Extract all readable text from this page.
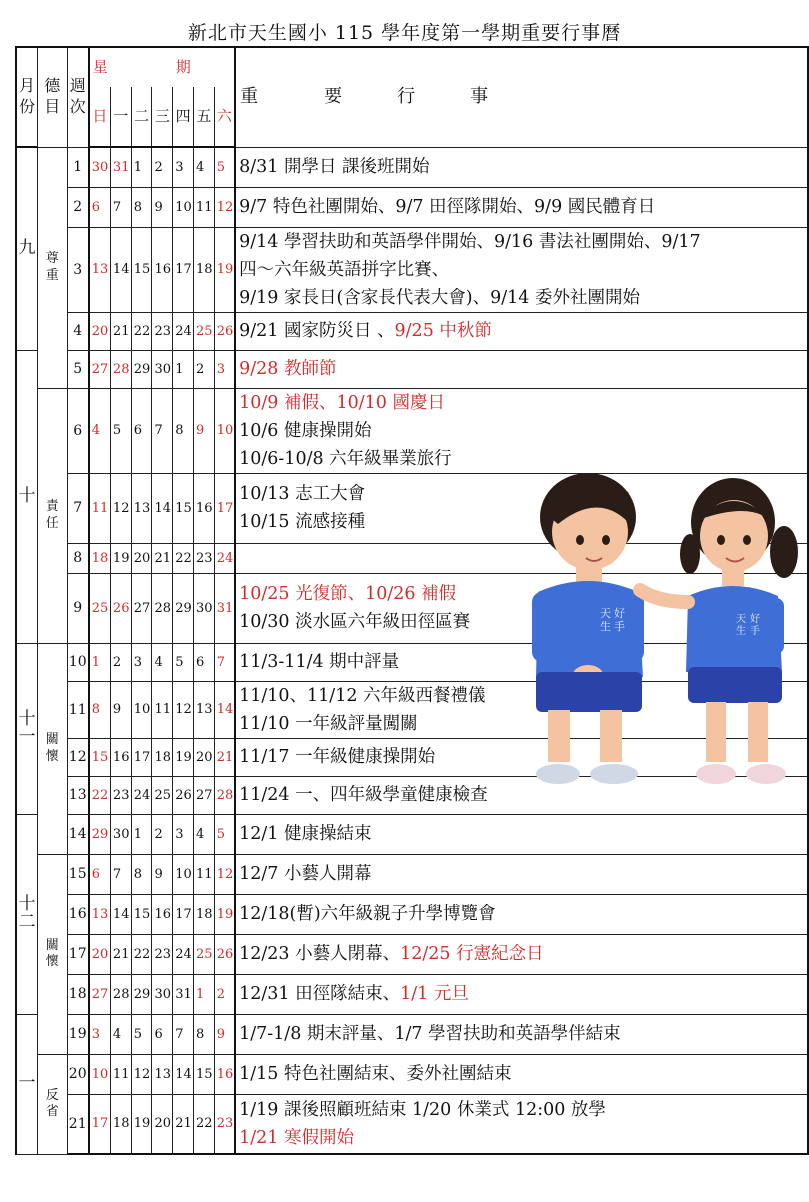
新北市天生國小 115 學年度第一學期重要行事曆
月
份	德
目	週
次	星 期							重 要 行 事
			日	一	二	三	四	五	六	

九	尊
重	1	30	31	1	2	3	4	5	8/31 開學日 課後班開始

		2	6	7	8	9	10	11	12	9/7 特色社團開始、9/7 田徑隊開始、9/9 國民體育日

		3	13	14	15	16	17	18	19	9/14 學習扶助和英語學伴開始、9/16 書法社團開始、9/17
四～六年級英語拼字比賽、
9/19 家長日(含家長代表大會)、9/14 委外社團開始

		4	20	21	22	23	24	25	26	9/21 國家防災日 、9/25 中秋節

十		5	27	28	29	30	1	2	3	9/28 教師節

	責
任	6	4	5	6	7	8	9	10	10/9 補假、10/10 國慶日
10/6 健康操開始
10/6-10/8 六年級畢業旅行

		7	11	12	13	14	15	16	17	10/13 志工大會
10/15 流感接種

		8	18	19	20	21	22	23	24	
		9	25	26	27	28	29	30	31	10/25 光復節、10/26 補假
10/30 淡水區六年級田徑區賽

十
一	關
懷	10	1	2	3	4	5	6	7	11/3-11/4 期中評量

		11	8	9	10	11	12	13	14	11/10、11/12 六年級西餐禮儀
11/10 一年級評量闖關

		12	15	16	17	18	19	20	21	11/17 一年級健康操開始

		13	22	23	24	25	26	27	28	11/24 一、四年級學童健康檢查

十
二		14	29	30	1	2	3	4	5	12/1 健康操結束

	關
懷	15	6	7	8	9	10	11	12	12/7 小藝人開幕

		16	13	14	15	16	17	18	19	12/18(暫)六年級親子升學博覽會

		17	20	21	22	23	24	25	26	12/23 小藝人閉幕、12/25 行憲紀念日

		18	27	28	29	30	31	1	2	12/31 田徑隊結束、1/1 元旦

一		19	3	4	5	6	7	8	9	1/7-1/8 期末評量、1/7 學習扶助和英語學伴結束

	反
省	20	10	11	12	13	14	15	16	1/15 特色社團結束、委外社團結束

		21	17	18	19	20	21	22	23	1/19 課後照顧班結束 1/20 休業式 12:00 放學
1/21 寒假開始
天
生
好
手
天
生
好
手
